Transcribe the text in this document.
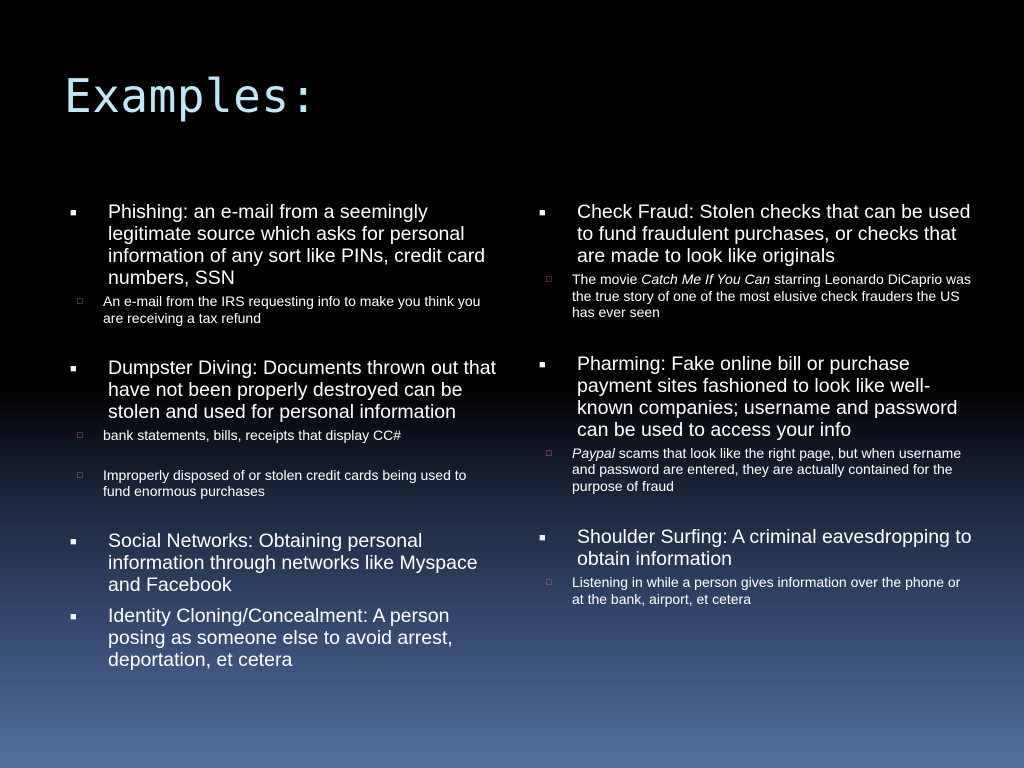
Examples:
■ Phishing: an e-mail from a seemingly legitimate source which asks for personal information of any sort like PINs, credit card numbers, SSN
□ An e-mail from the IRS requesting info to make you think you are receiving a tax refund
■ Dumpster Diving: Documents thrown out that have not been properly destroyed can be stolen and used for personal information
□ bank statements, bills, receipts that display CC#
□ Improperly disposed of or stolen credit cards being used to fund enormous purchases
■ Social Networks: Obtaining personal information through networks like Myspace and Facebook
■ Identity Cloning/Concealment: A person posing as someone else to avoid arrest, deportation, et cetera
■ Check Fraud: Stolen checks that can be used to fund fraudulent purchases, or checks that are made to look like originals
□ The movie Catch Me If You Can starring Leonardo DiCaprio was the true story of one of the most elusive check frauders the US has ever seen
■ Pharming: Fake online bill or purchase payment sites fashioned to look like well-known companies; username and password can be used to access your info
□ Paypal scams that look like the right page, but when username and password are entered, they are actually contained for the purpose of fraud
■ Shoulder Surfing: A criminal eavesdropping to obtain information
□ Listening in while a person gives information over the phone or at the bank, airport, et cetera
